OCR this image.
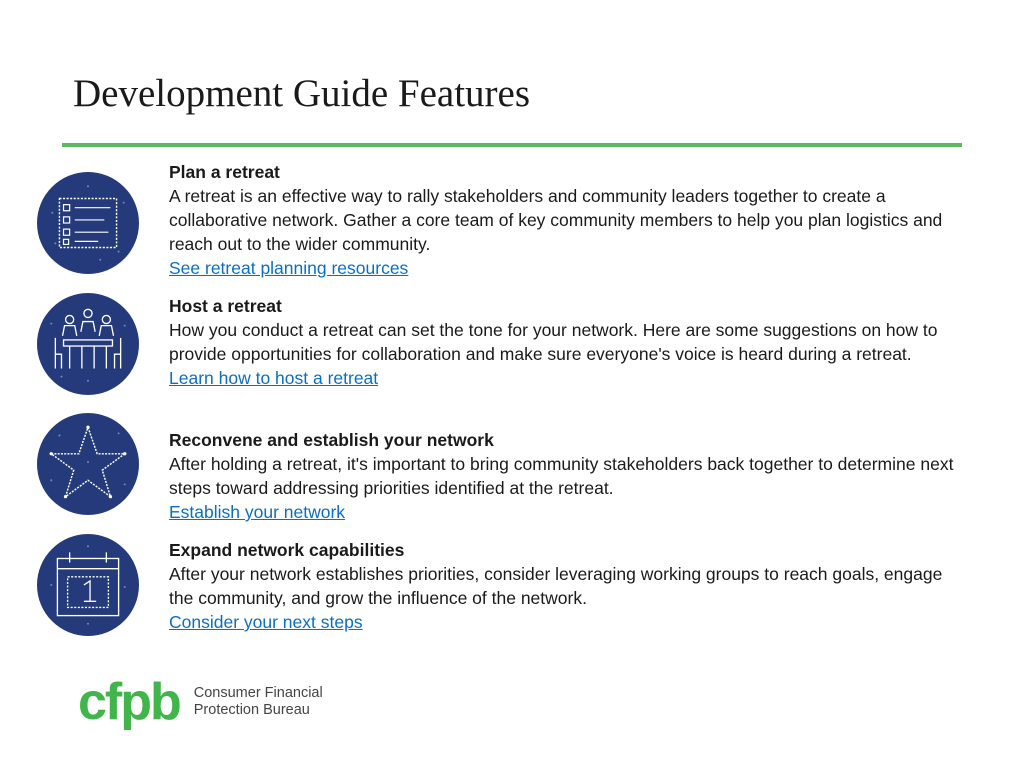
Development Guide Features
Plan a retreat
A retreat is an effective way to rally stakeholders and community leaders together to create a collaborative network. Gather a core team of key community members to help you plan logistics and reach out to the wider community.
See retreat planning resources
Host a retreat
How you conduct a retreat can set the tone for your network. Here are some suggestions on how to provide opportunities for collaboration and make sure everyone's voice is heard during a retreat.
Learn how to host a retreat
Reconvene and establish your network
After holding a retreat, it's important to bring community stakeholders back together to determine next steps toward addressing priorities identified at the retreat.
Establish your network
Expand network capabilities
After your network establishes priorities, consider leveraging working groups to reach goals, engage the community, and grow the influence of the network.
Consider your next steps
cfpb Consumer Financial
Protection Bureau
